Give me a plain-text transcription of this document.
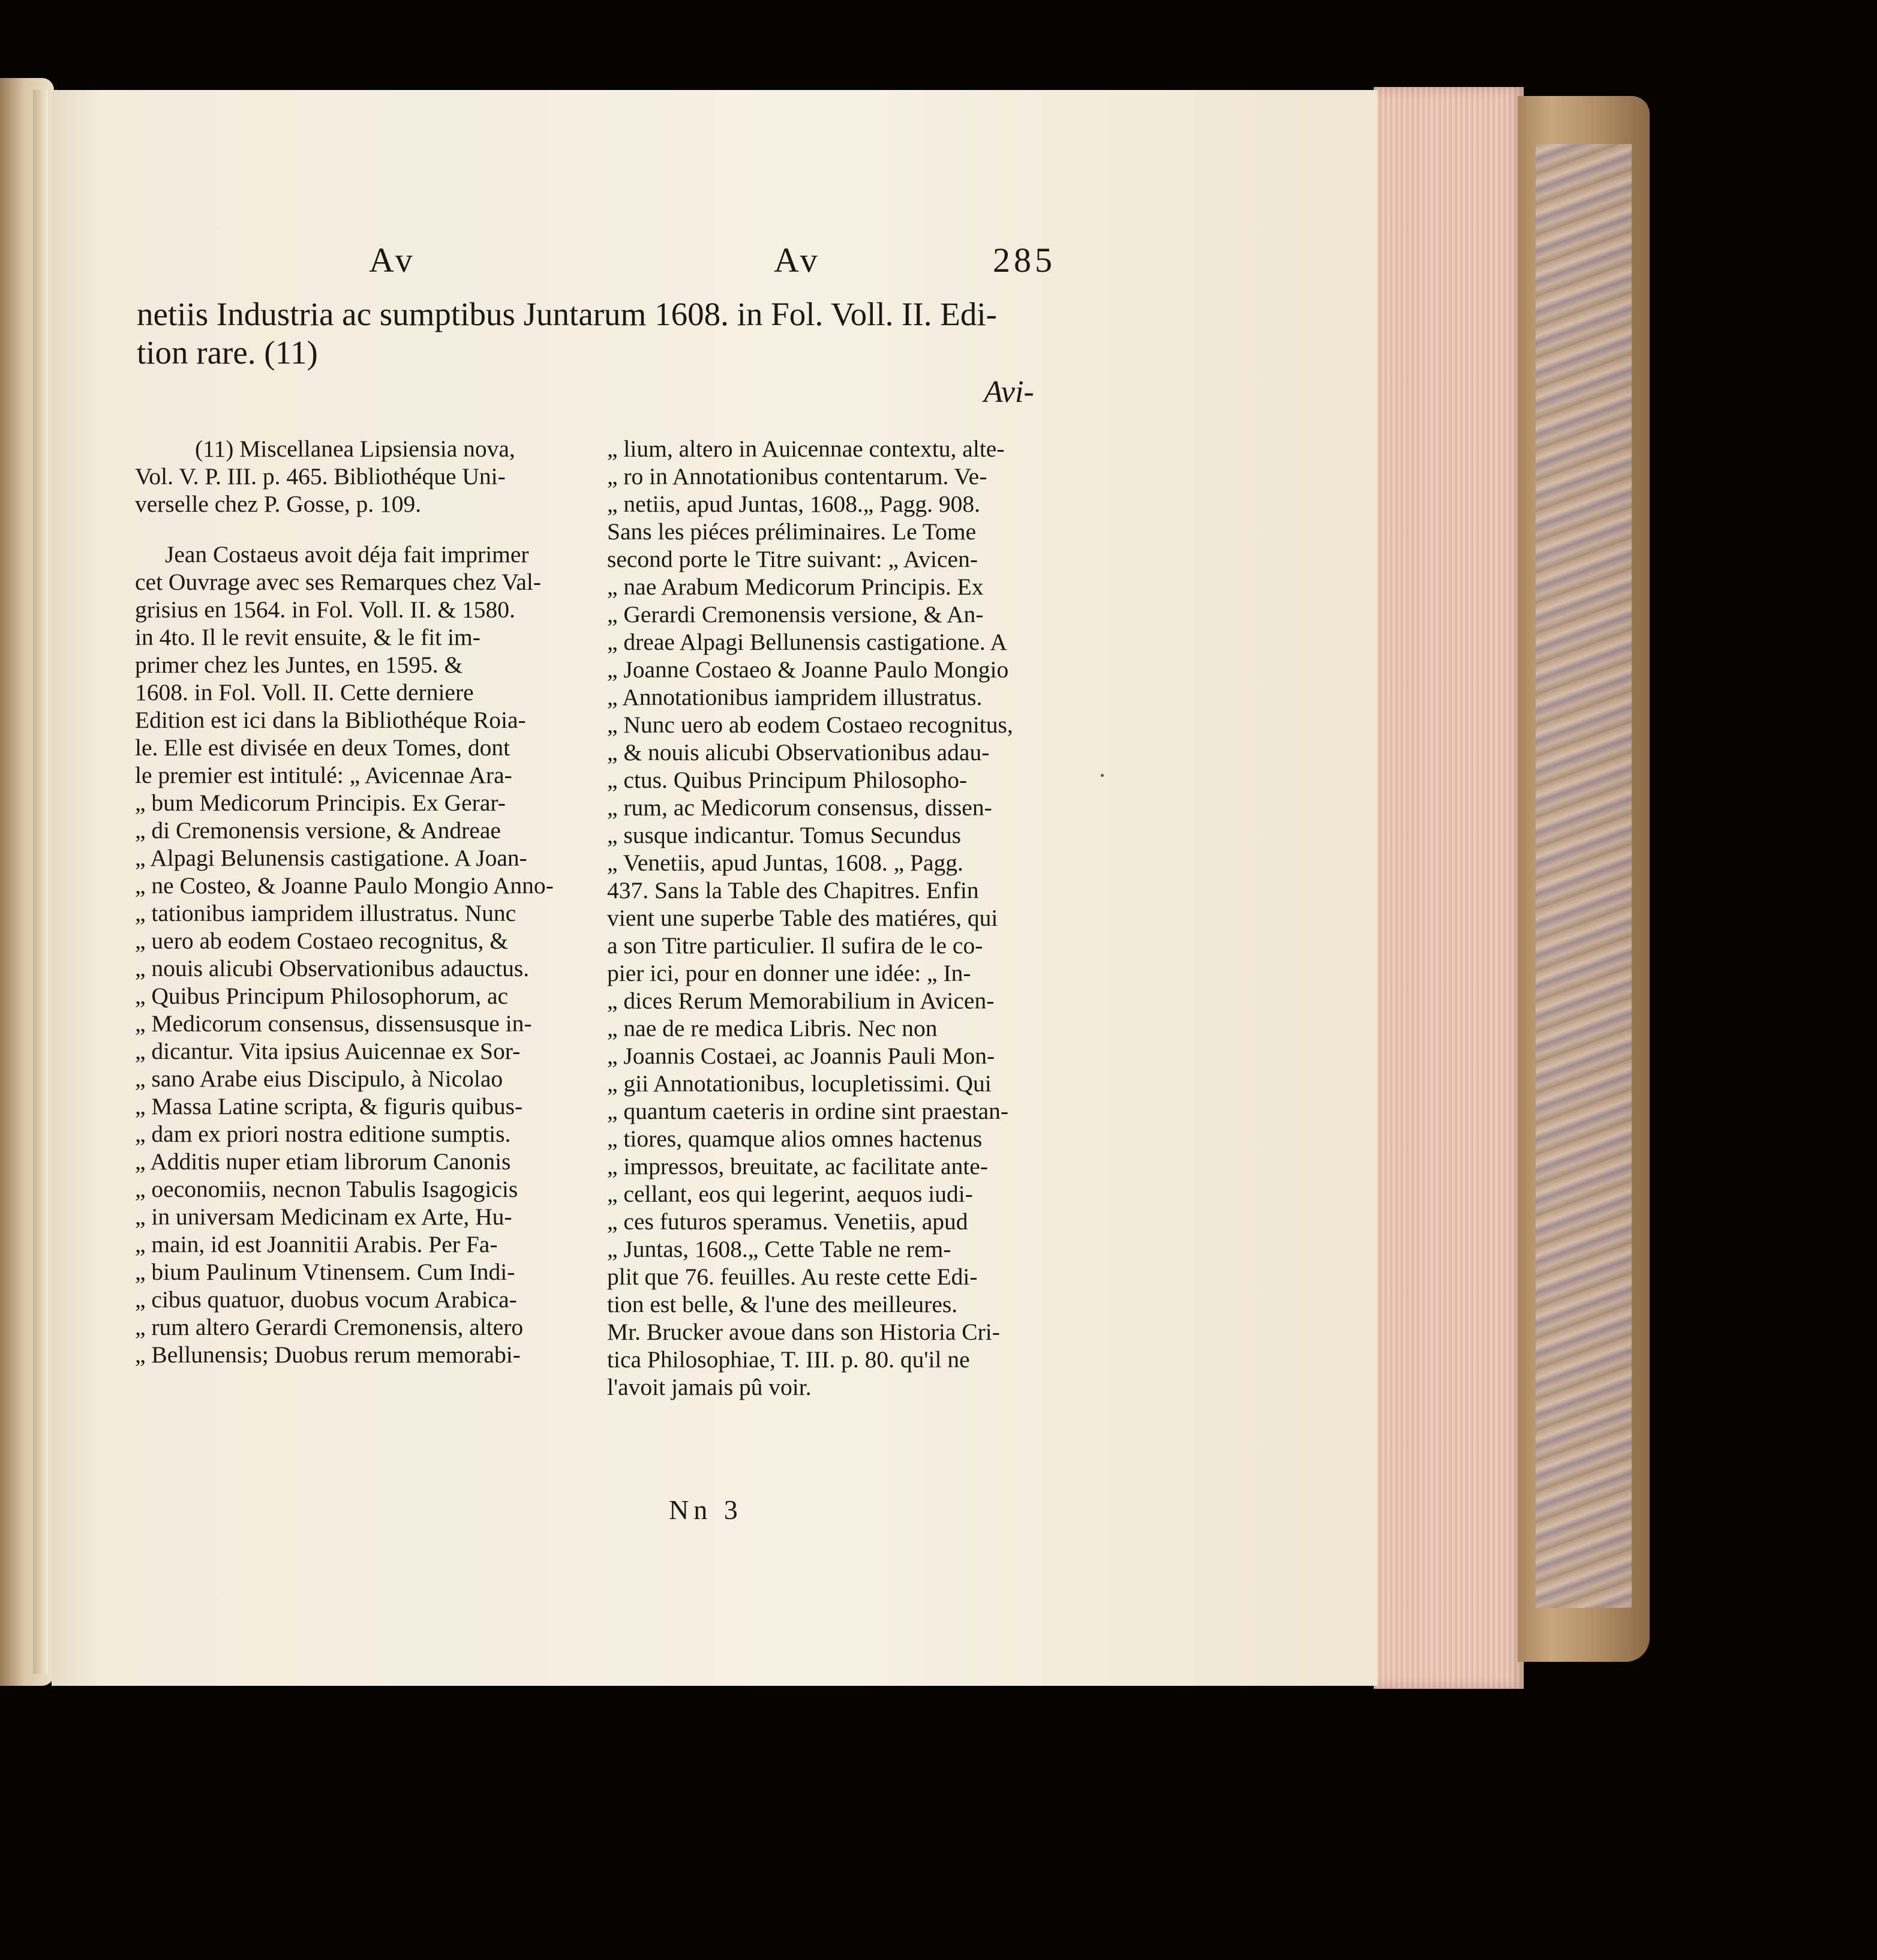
Av	Av	285
netiis Industria ac sumptibus Juntarum 1608. in Fol. Voll. II. Edi-
tion rare. (11)
Avi-
(11) Miscellanea Lipsiensia nova,
Vol. V. P. III. p. 465. Bibliothéque Uni-
verselle chez P. Gosse, p. 109.
Jean Costaeus avoit déja fait imprimer
cet Ouvrage avec ses Remarques chez Val-
grisius en 1564. in Fol. Voll. II. & 1580.
in 4to. Il le revit ensuite, & le fit im-
primer chez les Juntes, en 1595. &
1608. in Fol. Voll. II. Cette derniere
Edition est ici dans la Bibliothéque Roia-
le. Elle est divisée en deux Tomes, dont
le premier est intitulé: „ Avicennae Ara-
„ bum Medicorum Principis. Ex Gerar-
„ di Cremonensis versione, & Andreae
„ Alpagi Belunensis castigatione. A Joan-
„ ne Costeo, & Joanne Paulo Mongio Anno-
„ tationibus iampridem illustratus. Nunc
„ uero ab eodem Costaeo recognitus, &
„ nouis alicubi Observationibus adauctus.
„ Quibus Principum Philosophorum, ac
„ Medicorum consensus, dissensusque in-
„ dicantur. Vita ipsius Auicennae ex Sor-
„ sano Arabe eius Discipulo, à Nicolao
„ Massa Latine scripta, & figuris quibus-
„ dam ex priori nostra editione sumptis.
„ Additis nuper etiam librorum Canonis
„ oeconomiis, necnon Tabulis Isagogicis
„ in universam Medicinam ex Arte, Hu-
„ main, id est Joannitii Arabis. Per Fa-
„ bium Paulinum Vtinensem. Cum Indi-
„ cibus quatuor, duobus vocum Arabica-
„ rum altero Gerardi Cremonensis, altero
„ Bellunensis; Duobus rerum memorabi-
„ lium, altero in Auicennae contextu, alte-
„ ro in Annotationibus contentarum. Ve-
„ netiis, apud Juntas, 1608.„ Pagg. 908.
Sans les piéces préliminaires. Le Tome
second porte le Titre suivant: „ Avicen-
„ nae Arabum Medicorum Principis. Ex
„ Gerardi Cremonensis versione, & An-
„ dreae Alpagi Bellunensis castigatione. A
„ Joanne Costaeo & Joanne Paulo Mongio
„ Annotationibus iampridem illustratus.
„ Nunc uero ab eodem Costaeo recognitus,
„ & nouis alicubi Observationibus adau-
„ ctus. Quibus Principum Philosopho-
„ rum, ac Medicorum consensus, dissen-
„ susque indicantur. Tomus Secundus
„ Venetiis, apud Juntas, 1608. „ Pagg.
437. Sans la Table des Chapitres. Enfin
vient une superbe Table des matiéres, qui
a son Titre particulier. Il sufira de le co-
pier ici, pour en donner une idée: „ In-
„ dices Rerum Memorabilium in Avicen-
„ nae de re medica Libris. Nec non
„ Joannis Costaei, ac Joannis Pauli Mon-
„ gii Annotationibus, locupletissimi. Qui
„ quantum caeteris in ordine sint praestan-
„ tiores, quamque alios omnes hactenus
„ impressos, breuitate, ac facilitate ante-
„ cellant, eos qui legerint, aequos iudi-
„ ces futuros speramus. Venetiis, apud
„ Juntas, 1608.„ Cette Table ne rem-
plit que 76. feuilles. Au reste cette Edi-
tion est belle, & l'une des meilleures.
Mr. Brucker avoue dans son Historia Cri-
tica Philosophiae, T. III. p. 80. qu'il ne
l'avoit jamais pû voir.
Nn 3
